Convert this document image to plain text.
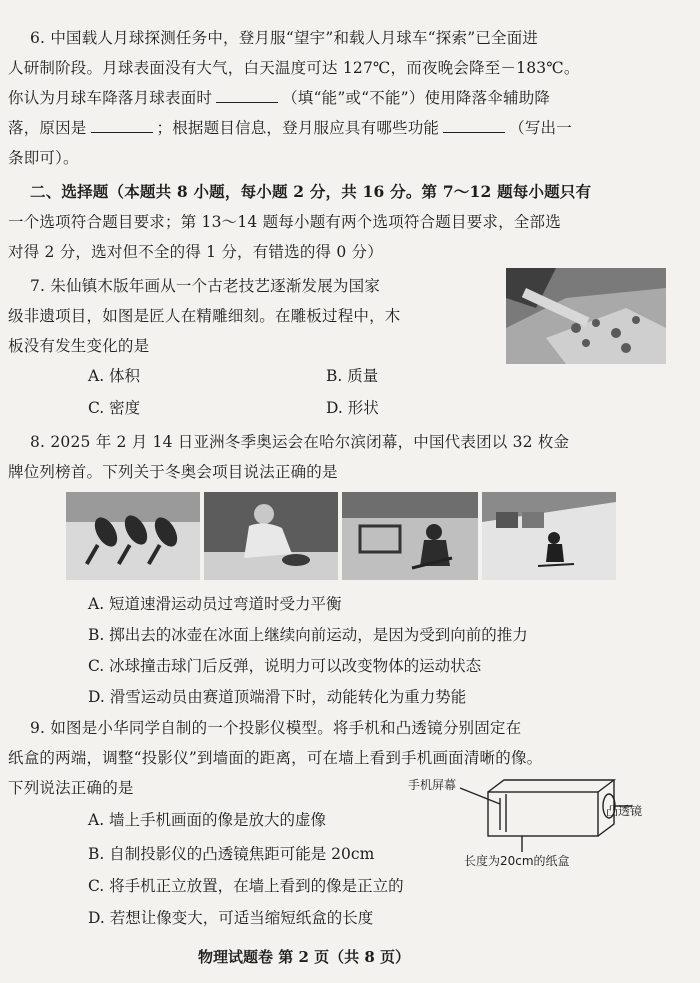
6. 中国载人月球探测任务中，登月服“望宇”和载人月球车“探索”已全面进
人研制阶段。月球表面没有大气，白天温度可达 127℃，而夜晚会降至－183℃。
你认为月球车降落月球表面时	（填“能”或“不能”）使用降落伞辅助降
落，原因是	；根据题目信息，登月服应具有哪些功能	（写出一
条即可）。
二、选择题（本题共 8 小题，每小题 2 分，共 16 分。第 7～12 题每小题只有
一个选项符合题目要求；第 13～14 题每小题有两个选项符合题目要求，全部选
对得 2 分，选对但不全的得 1 分，有错选的得 0 分）
7. 朱仙镇木版年画从一个古老技艺逐渐发展为国家
级非遗项目，如图是匠人在精雕细刻。在雕板过程中，木
板没有发生变化的是
A. 体积	B. 质量
C. 密度	D. 形状
8. 2025 年 2 月 14 日亚洲冬季奥运会在哈尔滨闭幕，中国代表团以 32 枚金
牌位列榜首。下列关于冬奥会项目说法正确的是
A. 短道速滑运动员过弯道时受力平衡
B. 掷出去的冰壶在冰面上继续向前运动，是因为受到向前的推力
C. 冰球撞击球门后反弹，说明力可以改变物体的运动状态
D. 滑雪运动员由赛道顶端滑下时，动能转化为重力势能
9. 如图是小华同学自制的一个投影仪模型。将手机和凸透镜分别固定在
纸盒的两端，调整“投影仪”到墙面的距离，可在墙上看到手机画面清晰的像。
下列说法正确的是
A. 墙上手机画面的像是放大的虚像
B. 自制投影仪的凸透镜焦距可能是 20cm
C. 将手机正立放置，在墙上看到的像是正立的
D. 若想让像变大，可适当缩短纸盒的长度
手机屏幕
凸透镜
长度为20cm的纸盒
物理试题卷 第 2 页（共 8 页）
